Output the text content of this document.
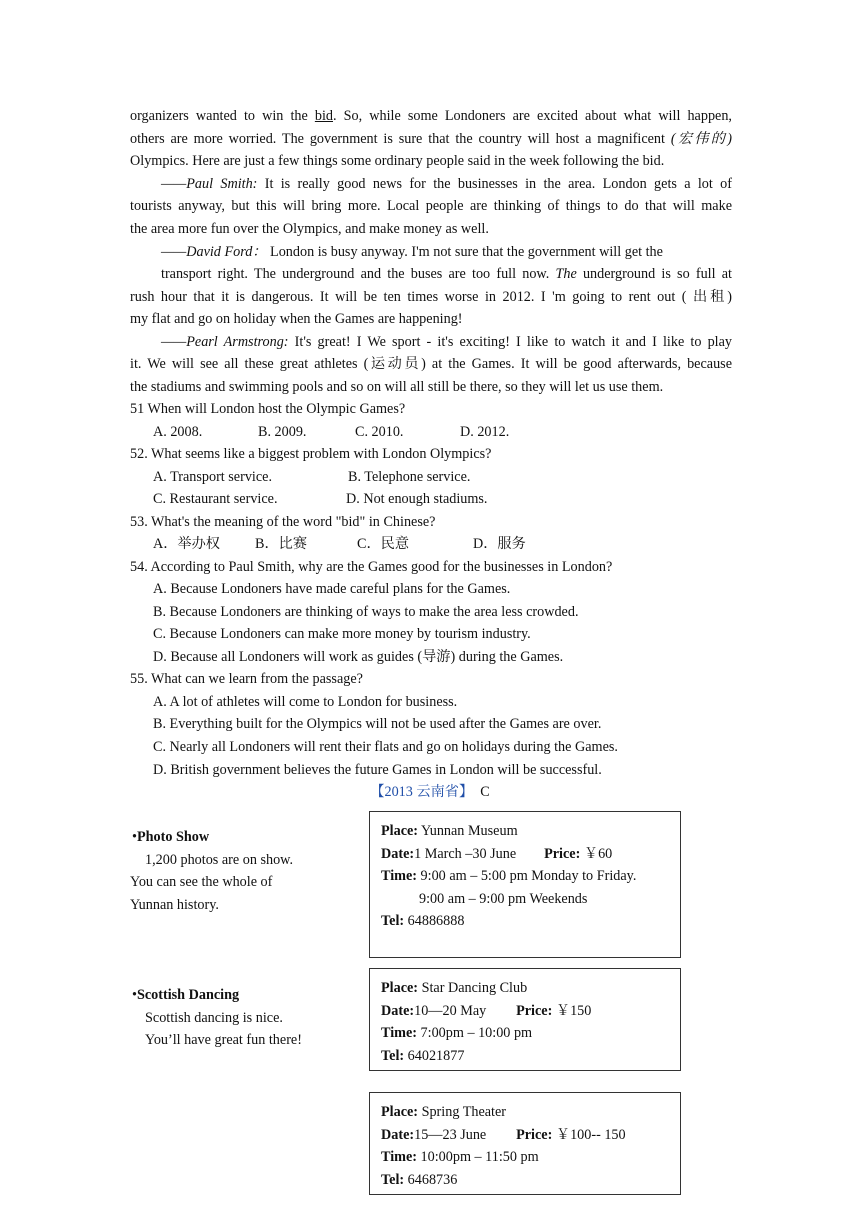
organizers wanted to win the bid. So, while some Londoners are excited about what will happen,
others are more worried. The government is sure that the country will host a magnificent (宏伟的)
Olympics. Here are just a few things some ordinary people said in the week following the bid.
——Paul Smith: It is really good news for the businesses in the area. London gets a lot of
tourists anyway, but this will bring more. Local people are thinking of things to do that will make
the area more fun over the Olympics, and make money as well.
——David Ford： London is busy anyway. I'm not sure that the government will get the
transport right. The underground and the buses are too full now. The underground is so full at
rush hour that it is dangerous. It will be ten times worse in 2012. I 'm going to rent out ( 出租)
my flat and go on holiday when the Games are happening!
——Pearl Armstrong: It's great! I We sport - it's exciting! I like to watch it and I like to play
it. We will see all these great athletes (运动员) at the Games. It will be good afterwards, because
the stadiums and swimming pools and so on will all still be there, so they will let us use them.
51 When will London host the Olympic Games?
A. 2008.	B. 2009.	C. 2010.	D. 2012.
52. What seems like a biggest problem with London Olympics?
A. Transport service.	B. Telephone service.
C. Restaurant service.	D. Not enough stadiums.
53. What's the meaning of the word "bid" in Chinese?
A．举办权 B．比赛	C．民意	D．服务
54. According to Paul Smith, why are the Games good for the businesses in London?
A. Because Londoners have made careful plans for the Games.
B. Because Londoners are thinking of ways to make the area less crowded.
C. Because Londoners can make more money by tourism industry.
D. Because all Londoners will work as guides (导游) during the Games.
55. What can we learn from the passage?
A. A lot of athletes will come to London for business.
B. Everything built for the Olympics will not be used after the Games are over.
C. Nearly all Londoners will rent their flats and go on holidays during the Games.
D. British government believes the future Games in London will be successful.
【2013 云南省】 C
•Photo Show
1,200 photos are on show.
You can see the whole of
Yunnan history.
Place: Yunnan Museum
Date:1 March –30 June Price: ￥60
Time: 9:00 am – 5:00 pm Monday to Friday.
9:00 am – 9:00 pm Weekends
Tel: 64886888
•Scottish Dancing
Scottish dancing is nice.
You’ll have great fun there!
Place: Star Dancing Club
Date:10—20 May Price: ￥150
Time: 7:00pm – 10:00 pm
Tel: 64021877
Place: Spring Theater
Date:15—23 June Price: ￥100-- 150
Time: 10:00pm – 11:50 pm
Tel: 6468736
